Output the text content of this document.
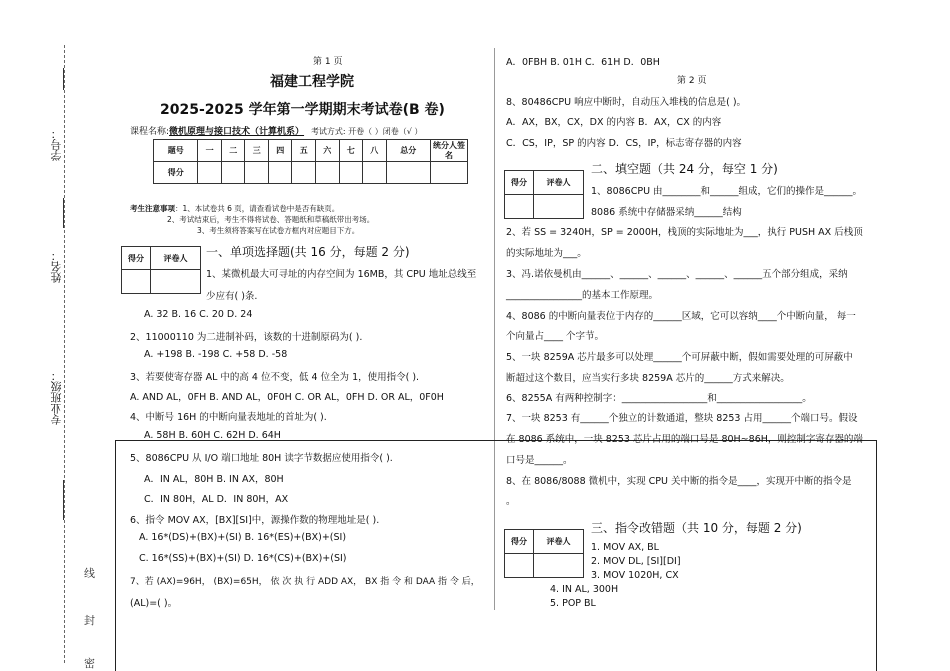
学号：
姓名：
专业班级：
线
封
密
第 1 页
福建工程学院
2025-2025 学年第一学期期末考试卷(B 卷)
课程名称:微机原理与接口技术（计算机系） 考试方式: 开卷（ ）闭卷（√ ）
题号	一	二	三	四	五	六	七	八	总分	统分人签名
得分										
考生注意事项：1、本试卷共 6 页，请查看试卷中是否有缺页。
2、考试结束后，考生不得将试卷、答题纸和草稿纸带出考场。
3、考生须将答案写在试卷方框内对应题目下方。
得分	评卷人
	一、单项选择题(共 16 分，每题 2 分)
1、某微机最大可寻址的内存空间为 16MB，其 CPU 地址总线至
少应有( )条.
A. 32 B. 16 C. 20 D. 24
2、11000110 为二进制补码，该数的十进制原码为( ).
A. +198 B. -198 C. +58 D. -58
3、若要使寄存器 AL 中的高 4 位不变，低 4 位全为 1，使用指令( ).
A. AND AL，0FH B. AND AL，0F0H C. OR AL，0FH D. OR AL，0F0H
4、中断号 16H 的中断向量表地址的首址为( ).
A. 58H B. 60H C. 62H D. 64H
5、8086CPU 从 I/O 端口地址 80H 读字节数据应使用指令( ).
A．IN AL，80H B. IN AX，80H
C．IN 80H，AL D．IN 80H，AX
6、指令 MOV AX，[BX][SI]中，源操作数的物理地址是( ).
A. 16*(DS)+(BX)+(SI) B. 16*(ES)+(BX)+(SI)
C. 16*(SS)+(BX)+(SI) D. 16*(CS)+(BX)+(SI)
7、若 (AX)=96H， (BX)=65H， 依 次 执 行 ADD AX， BX 指 令 和 DAA 指 令 后，
(AL)=( )。
A．0FBH B. 01H C．61H D．0BH
第 2 页
8、80486CPU 响应中断时，自动压入堆栈的信息是( )。
A．AX，BX，CX，DX 的内容 B．AX，CX 的内容
C．CS，IP，SP 的内容 D．CS，IP，标志寄存器的内容
得分	评卷人

二、填空题（共 24 分，每空 1 分)
1、8086CPU 由________和______组成，它们的操作是______。
8086 系统中存储器采纳______结构
2、若 SS = 3240H，SP = 2000H，栈顶的实际地址为___，执行 PUSH AX 后栈顶
的实际地址为___。
3、冯.诺依曼机由______、______、______、______、______五个部分组成，采纳
________________的基本工作原理。
4、8086 的中断向量表位于内存的______区域，它可以容纳____个中断向量， 每一
个向量占____ 个字节。
5、一块 8259A 芯片最多可以处理______个可屏蔽中断，假如需要处理的可屏蔽中
断超过这个数目，应当实行多块 8259A 芯片的______方式来解决。
6、8255A 有两种控制字：__________________和__________________。
7、一块 8253 有______个独立的计数通道，整块 8253 占用______个端口号。假设
在 8086 系统中，一块 8253 芯片占用的端口号是 80H~86H，则控制字寄存器的端
口号是______。
8、在 8086/8088 微机中，实现 CPU 关中断的指令是____，实现开中断的指令是
。
得分	评卷人

三、指令改错题（共 10 分，每题 2 分)
1. MOV AX, BL
2. MOV DL, [SI][DI]
3. MOV 1020H, CX
4. IN AL, 300H
5. POP BL
